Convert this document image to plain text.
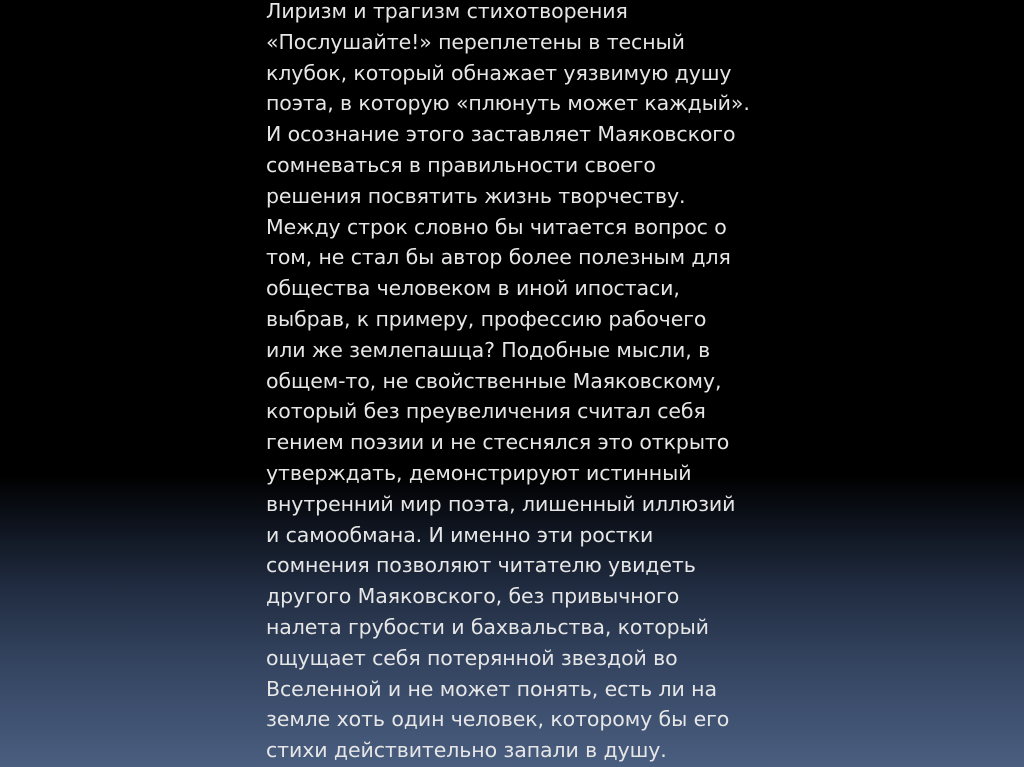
Лиризм и трагизм стихотворения
«Послушайте!» переплетены в тесный
клубок, который обнажает уязвимую душу
поэта, в которую «плюнуть может каждый».
И осознание этого заставляет Маяковского
сомневаться в правильности своего
решения посвятить жизнь творчеству.
Между строк словно бы читается вопрос о
том, не стал бы автор более полезным для
общества человеком в иной ипостаси,
выбрав, к примеру, профессию рабочего
или же землепашца? Подобные мысли, в
общем-то, не свойственные Маяковскому,
который без преувеличения считал себя
гением поэзии и не стеснялся это открыто
утверждать, демонстрируют истинный
внутренний мир поэта, лишенный иллюзий
и самообмана. И именно эти ростки
сомнения позволяют читателю увидеть
другого Маяковского, без привычного
налета грубости и бахвальства, который
ощущает себя потерянной звездой во
Вселенной и не может понять, есть ли на
земле хоть один человек, которому бы его
стихи действительно запали в душу.
